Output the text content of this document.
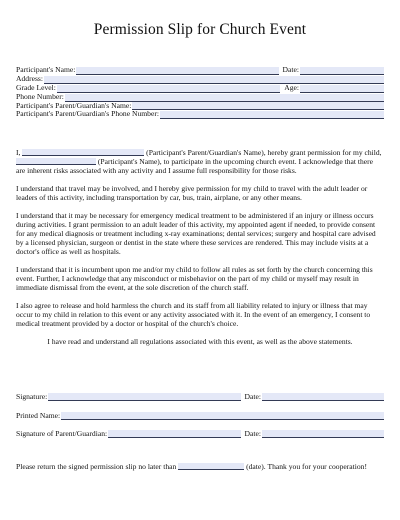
Permission Slip for Church Event
Participant's Name:	Date:
Address:
Grade Level:	Age:
Phone Number:
Participant's Parent/Guardian's Name:
Participant's Parent/Guardian's Phone Number:

I,	(Participant's Parent/Guardian's Name), hereby grant permission for my child,  (Participant's Name), to participate in the upcoming church event. I acknowledge that there are inherent risks associated with any activity and I assume full responsibility for those risks.

I understand that travel may be involved, and I hereby give permission for my child to travel with the adult leader or leaders of this activity, including transportation by car, bus, train, airplane, or any other means.

I understand that it may be necessary for emergency medical treatment to be administered if an injury or illness occurs during activities. I grant permission to an adult leader of this activity, my appointed agent if needed, to provide consent for any medical diagnosis or treatment including x-ray examinations; dental services; surgery and hospital care advised by a licensed physician, surgeon or dentist in the state where these services are rendered. This may include visits at a doctor's office as well as hospitals.

I understand that it is incumbent upon me and/or my child to follow all rules as set forth by the church concerning this event. Further, I acknowledge that any misconduct or misbehavior on the part of my child or myself may result in immediate dismissal from the event, at the sole discretion of the church staff.

I also agree to release and hold harmless the church and its staff from all liability related to injury or illness that may occur to my child in relation to this event or any activity associated with it. In the event of an emergency, I consent to medical treatment provided by a doctor or hospital of the church's choice.

I have read and understand all regulations associated with this event, as well as the above statements.

Signature:	Date:
Printed Name:
Signature of Parent/Guardian:	Date:
Please return the signed permission slip no later than	(date). Thank you for your cooperation!
